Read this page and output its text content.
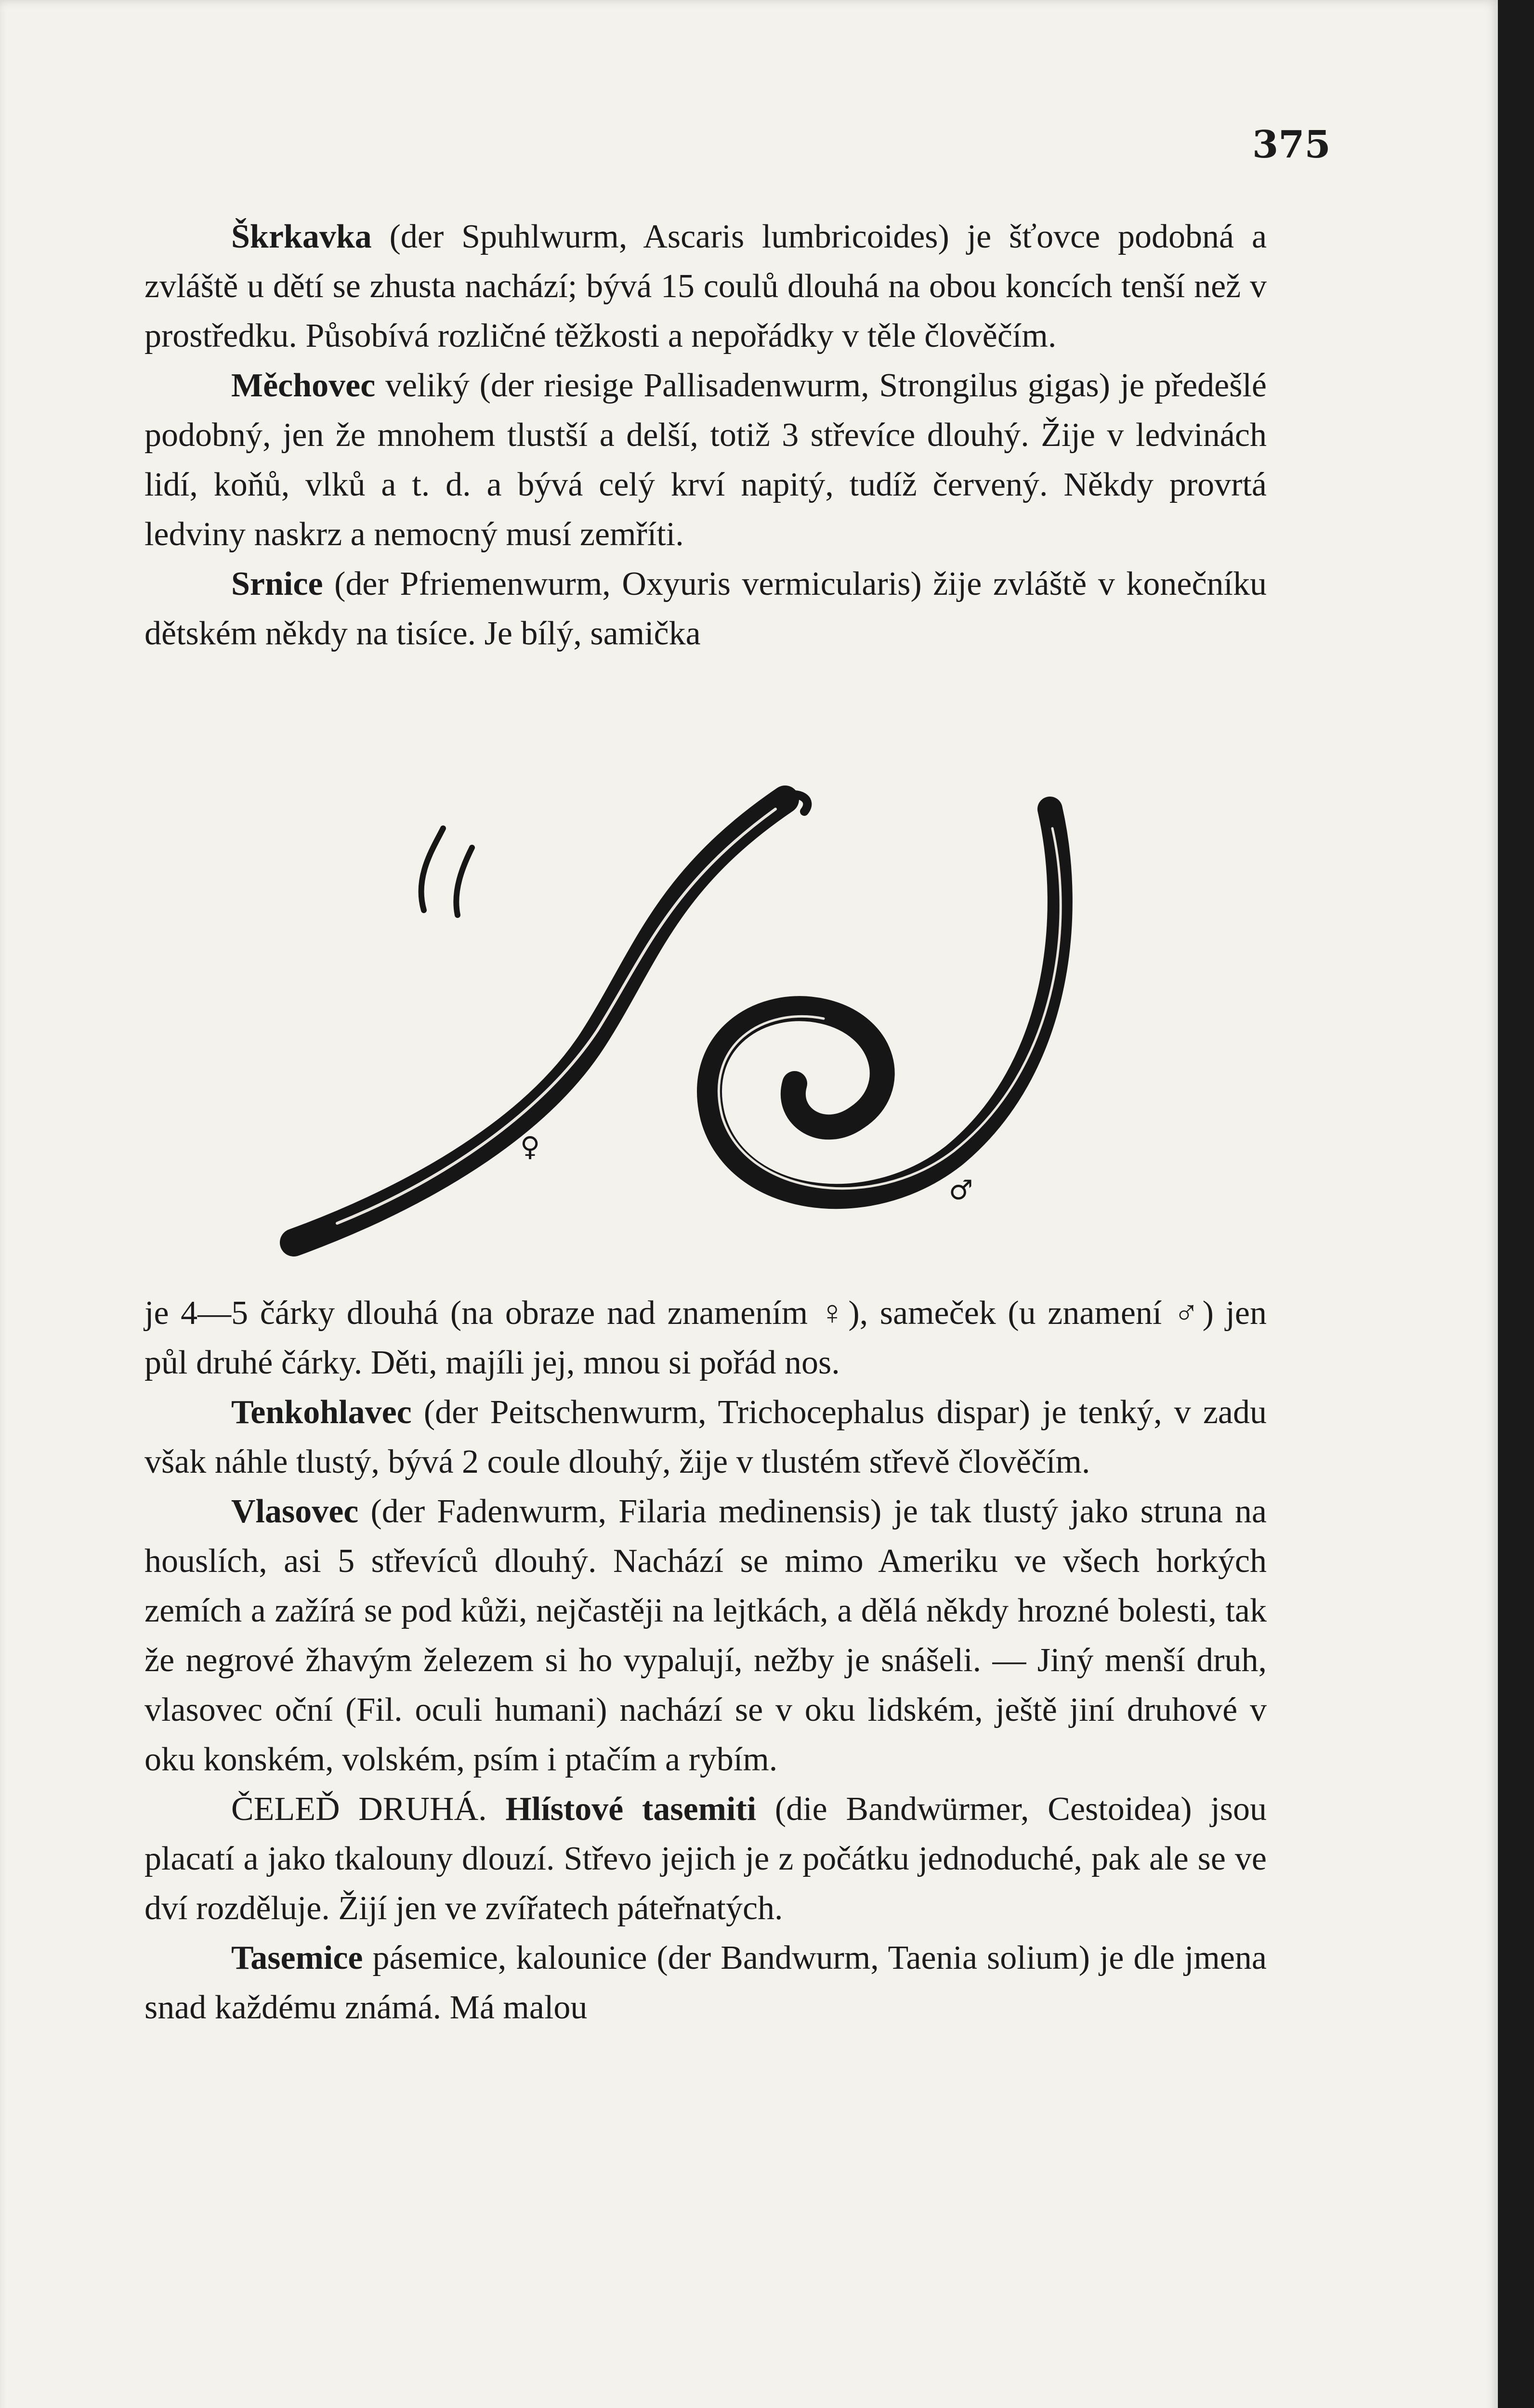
375

Škrkavka (der Spuhlwurm, Ascaris lumbricoides) je šťovce podobná a zvláště u dětí se zhusta nachází; bývá 15 coulů dlouhá na obou koncích tenší než v prostředku. Působívá rozličné těžkosti a nepořádky v těle člověčím.

Měchovec veliký (der riesige Pallisadenwurm, Strongilus gigas) je předešlé podobný, jen že mnohem tlustší a delší, totiž 3 střevíce dlouhý. Žije v ledvinách lidí, koňů, vlků a t. d. a bývá celý krví napitý, tudíž červený. Někdy provrtá ledviny naskrz a nemocný musí zemříti.

Srnice (der Pfriemenwurm, Oxyuris vermicularis) žije zvláště v konečníku dětském někdy na tisíce. Je bílý, samička

♀
♂

je 4—5 čárky dlouhá (na obraze nad znamením ♀), sameček (u znamení ♂) jen půl druhé čárky. Děti, majíli jej, mnou si pořád nos.

Tenkohlavec (der Peitschenwurm, Trichocephalus dispar) je tenký, v zadu však náhle tlustý, bývá 2 coule dlouhý, žije v tlustém střevě člověčím.

Vlasovec (der Fadenwurm, Filaria medinensis) je tak tlustý jako struna na houslích, asi 5 střevíců dlouhý. Nachází se mimo Ameriku ve všech horkých zemích a zažírá se pod kůži, nejčastěji na lejtkách, a dělá někdy hrozné bolesti, tak že negrové žhavým železem si ho vypalují, nežby je snášeli. — Jiný menší druh, vlasovec oční (Fil. oculi humani) nachází se v oku lidském, ještě jiní druhové v oku konském, volském, psím i ptačím a rybím.

ČELEĎ DRUHÁ. Hlístové tasemiti (die Bandwürmer, Cestoidea) jsou placatí a jako tkalouny dlouzí. Střevo jejich je z počátku jednoduché, pak ale se ve dví rozděluje. Žijí jen ve zvířatech páteřnatých.

Tasemice pásemice, kalounice (der Bandwurm, Taenia solium) je dle jmena snad každému známá. Má malou
